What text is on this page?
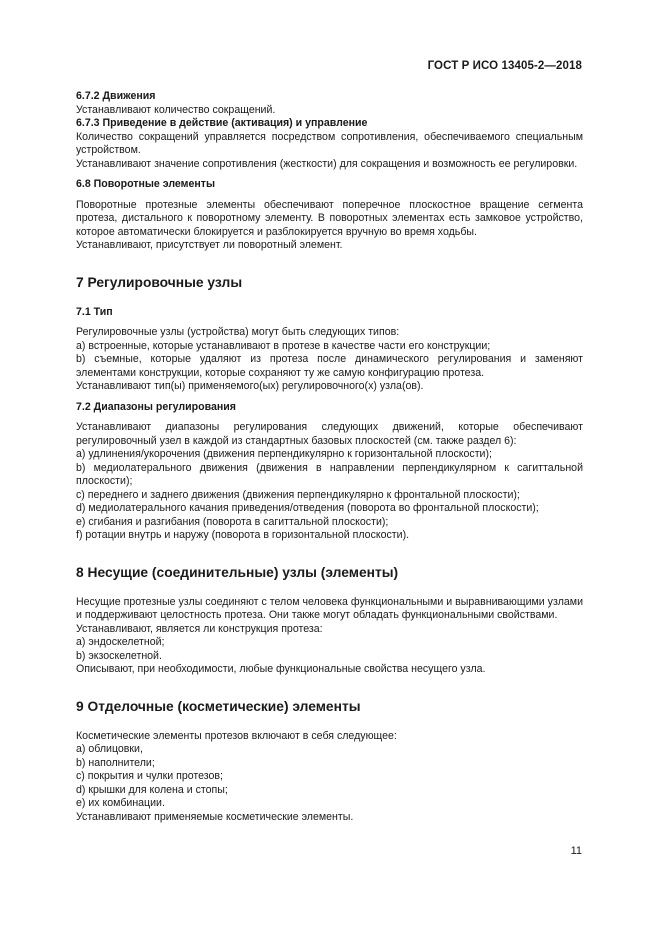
ГОСТ Р ИСО 13405-2—2018

6.7.2 Движения

Устанавливают количество сокращений.

6.7.3 Приведение в действие (активация) и управление

Количество сокращений управляется посредством сопротивления, обеспечиваемого специальным устройством.

Устанавливают значение сопротивления (жесткости) для сокращения и возможность ее регулировки.

6.8 Поворотные элементы

Поворотные протезные элементы обеспечивают поперечное плоскостное вращение сегмента протеза, дистального к поворотному элементу. В поворотных элементах есть замковое устройство, которое автоматически блокируется и разблокируется вручную во время ходьбы.

Устанавливают, присутствует ли поворотный элемент.

7 Регулировочные узлы

7.1 Тип

Регулировочные узлы (устройства) могут быть следующих типов:

a) встроенные, которые устанавливают в протезе в качестве части его конструкции;

b) съемные, которые удаляют из протеза после динамического регулирования и заменяют элементами конструкции, которые сохраняют ту же самую конфигурацию протеза.

Устанавливают тип(ы) применяемого(ых) регулировочного(х) узла(ов).

7.2 Диапазоны регулирования

Устанавливают диапазоны регулирования следующих движений, которые обеспечивают регулировочный узел в каждой из стандартных базовых плоскостей (см. также раздел 6):

a) удлинения/укорочения (движения перпендикулярно к горизонтальной плоскости);

b) медиолатерального движения (движения в направлении перпендикулярном к сагиттальной плоскости);

c) переднего и заднего движения (движения перпендикулярно к фронтальной плоскости);

d) медиолатерального качания приведения/отведения (поворота во фронтальной плоскости);

e) сгибания и разгибания (поворота в сагиттальной плоскости);

f) ротации внутрь и наружу (поворота в горизонтальной плоскости).

8 Несущие (соединительные) узлы (элементы)

Несущие протезные узлы соединяют с телом человека функциональными и выравнивающими узлами и поддерживают целостность протеза. Они также могут обладать функциональными свойствами.

Устанавливают, является ли конструкция протеза:

a) эндоскелетной;

b) экзоскелетной.

Описывают, при необходимости, любые функциональные свойства несущего узла.

9 Отделочные (косметические) элементы

Косметические элементы протезов включают в себя следующее:

a) облицовки,

b) наполнители;

c) покрытия и чулки протезов;

d) крышки для колена и стопы;

e) их комбинации.

Устанавливают применяемые косметические элементы.

11
